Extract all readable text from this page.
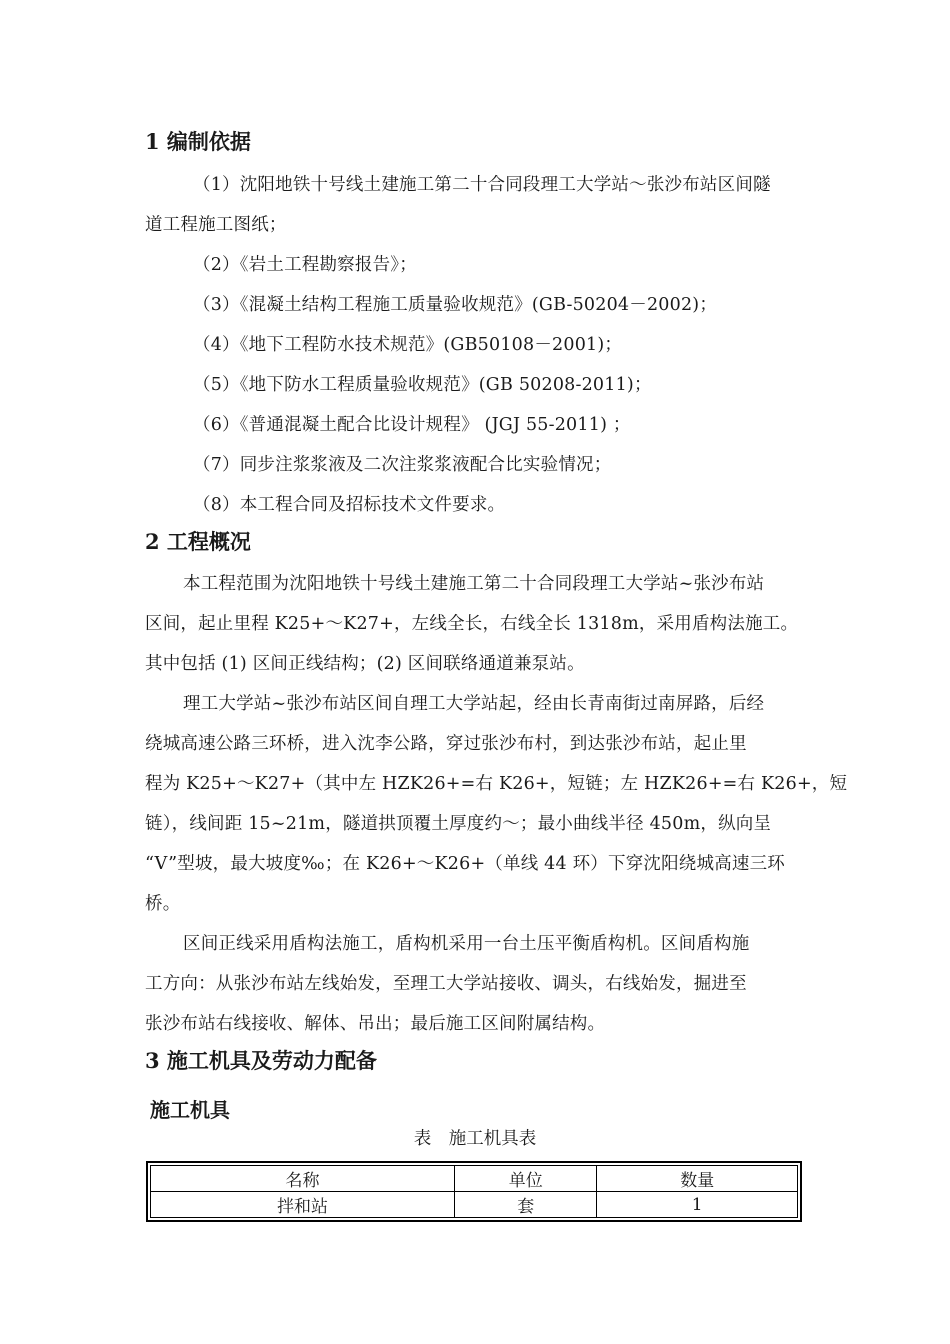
1 编制依据
（1）沈阳地铁十号线土建施工第二十合同段理工大学站～张沙布站区间隧
道工程施工图纸；
（2）《岩土工程勘察报告》；
（3）《混凝土结构工程施工质量验收规范》(GB-50204－2002)；
（4）《地下工程防水技术规范》(GB50108－2001)；
（5）《地下防水工程质量验收规范》(GB 50208-2011)；
（6）《普通混凝土配合比设计规程》 (JGJ 55-2011) ；
（7）同步注浆浆液及二次注浆浆液配合比实验情况；
（8）本工程合同及招标技术文件要求。
2 工程概况
本工程范围为沈阳地铁十号线土建施工第二十合同段理工大学站~张沙布站
区间，起止里程 K25+～K27+，左线全长，右线全长 1318m，采用盾构法施工。
其中包括 (1) 区间正线结构；(2) 区间联络通道兼泵站。
理工大学站~张沙布站区间自理工大学站起，经由长青南街过南屏路，后经
绕城高速公路三环桥，进入沈李公路，穿过张沙布村，到达张沙布站，起止里
程为 K25+～K27+（其中左 HZK26+=右 K26+，短链；左 HZK26+=右 K26+，短
链），线间距 15~21m，隧道拱顶覆土厚度约～；最小曲线半径 450m，纵向呈
“V”型坡，最大坡度‰；在 K26+～K26+（单线 44 环）下穿沈阳绕城高速三环
桥。
区间正线采用盾构法施工，盾构机采用一台土压平衡盾构机。区间盾构施
工方向：从张沙布站左线始发，至理工大学站接收、调头，右线始发，掘进至
张沙布站右线接收、解体、吊出；最后施工区间附属结构。
3 施工机具及劳动力配备
施工机具
表　施工机具表
名称	单位	数量
拌和站	套	1
